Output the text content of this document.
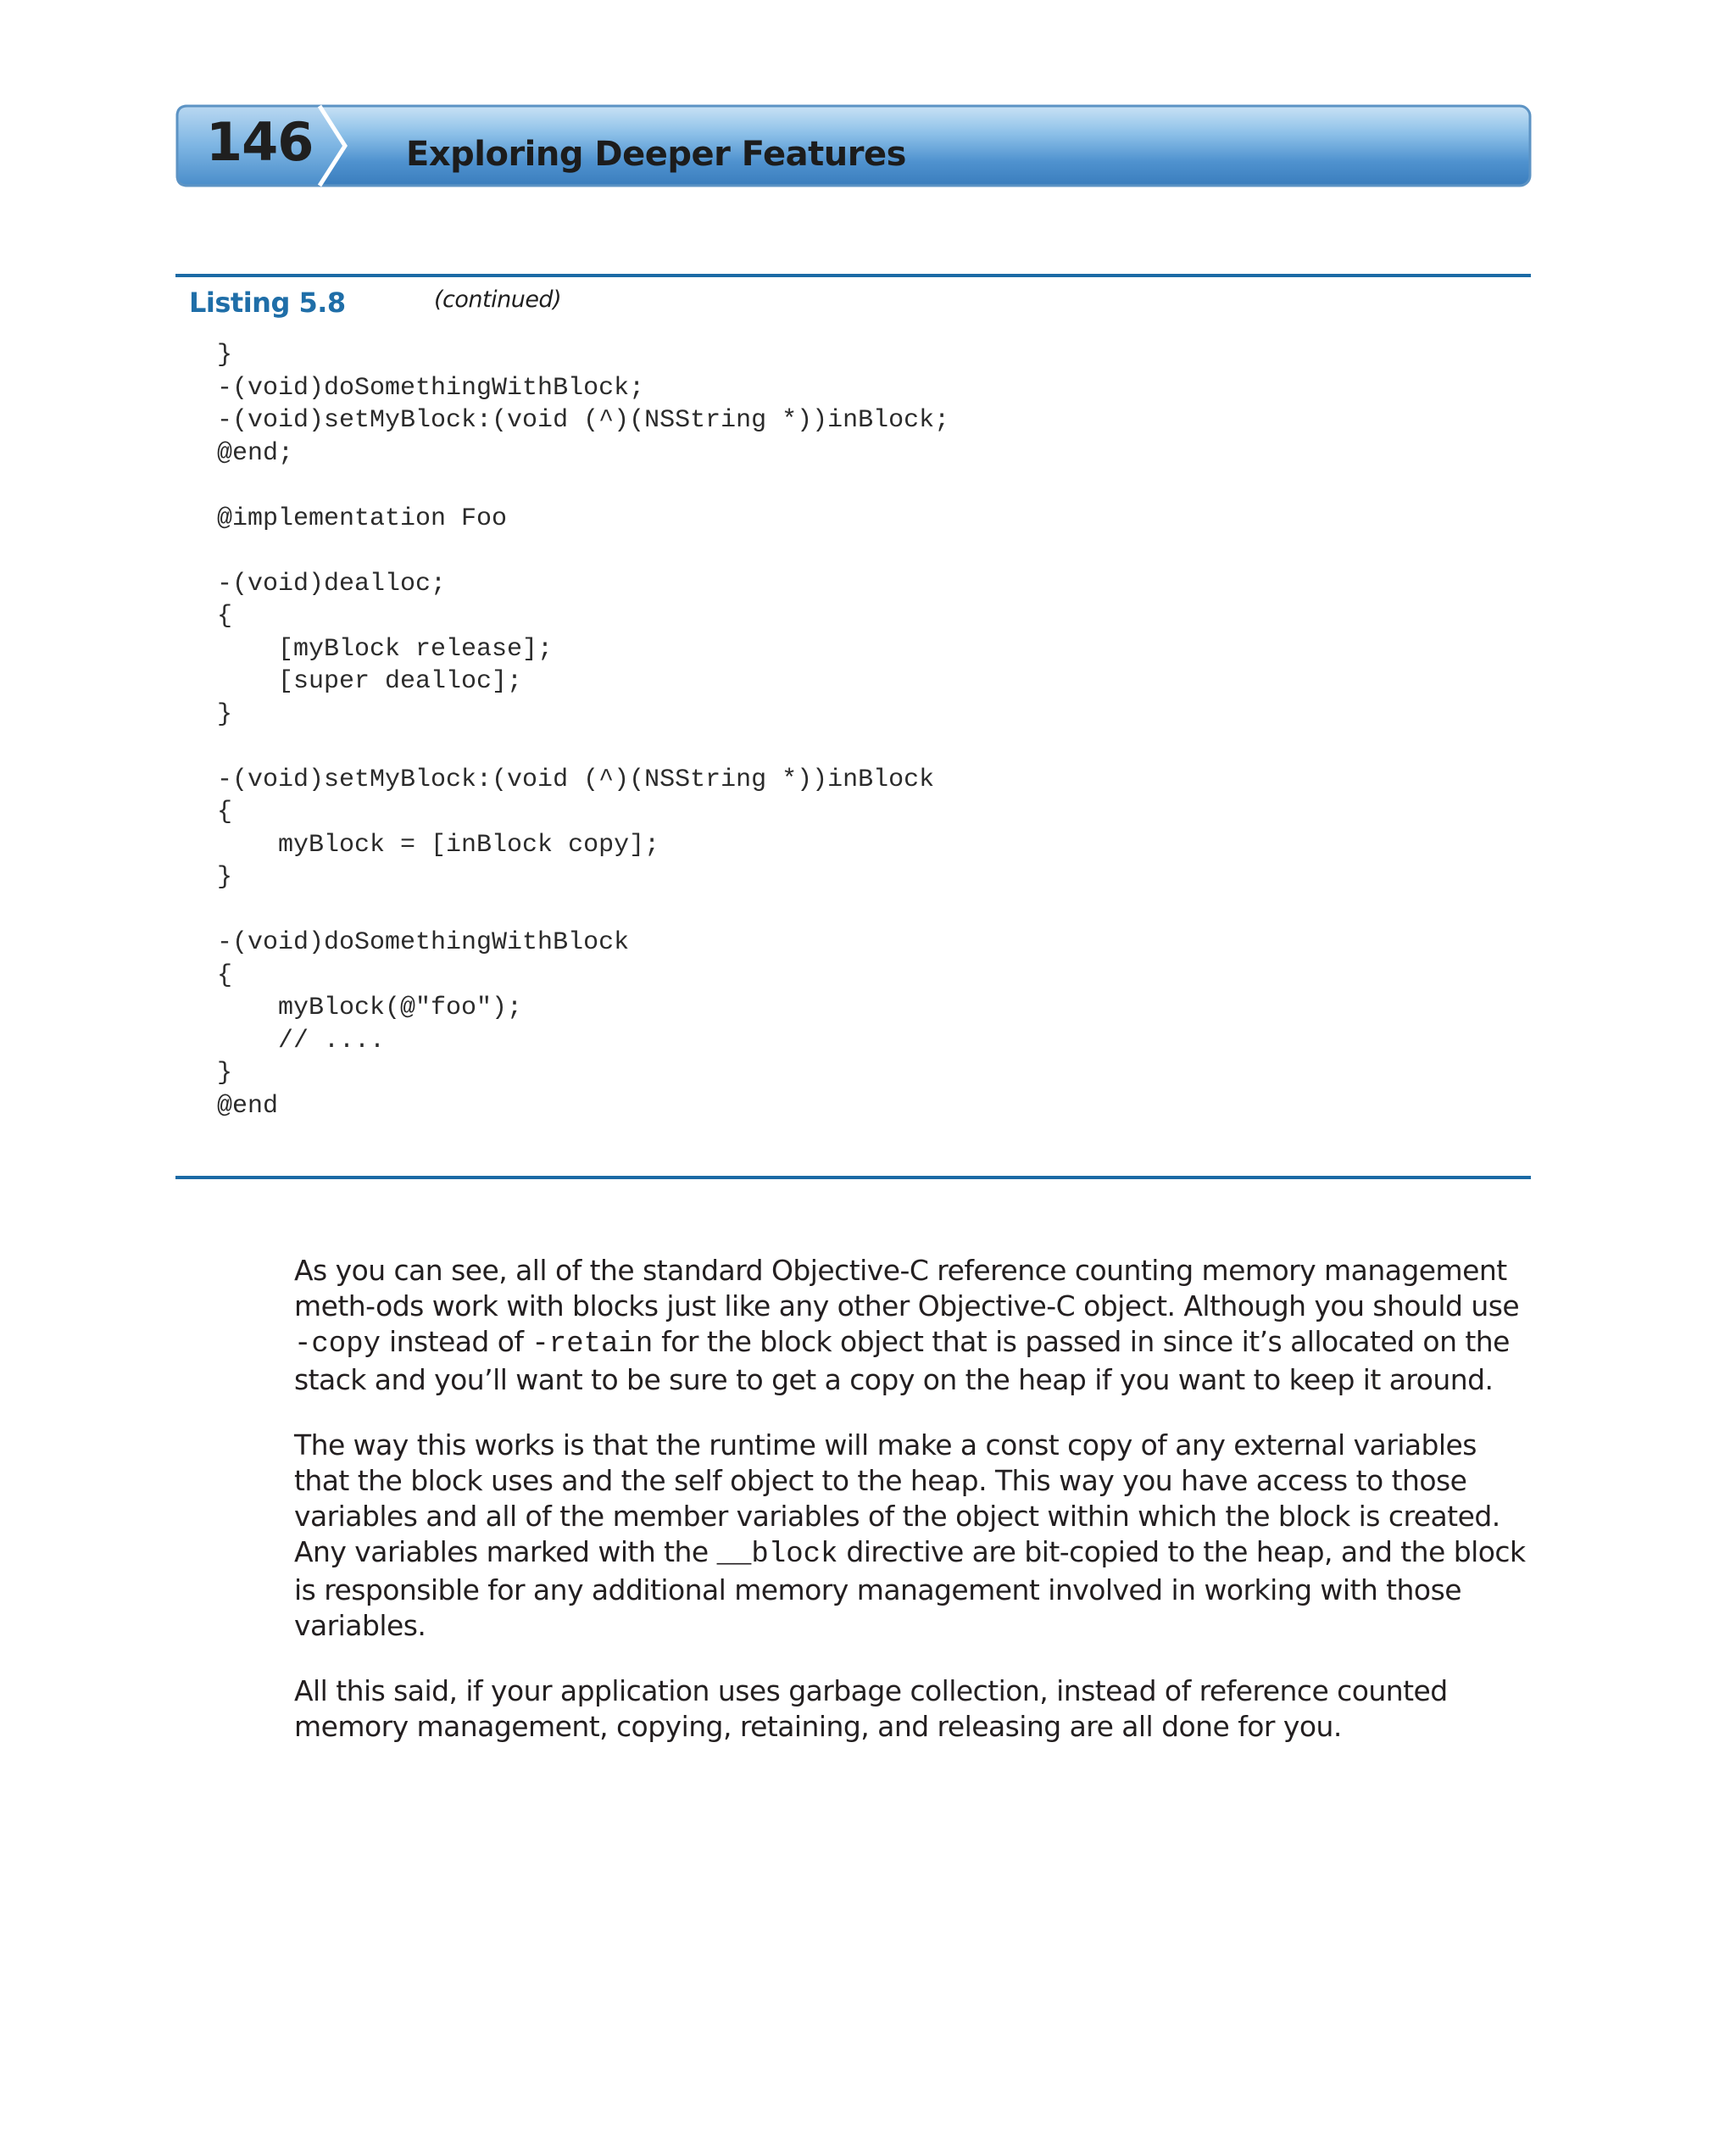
146	Exploring Deeper Features
Listing 5.8	(continued)
}
-(void)doSomethingWithBlock;
-(void)setMyBlock:(void (^)(NSString *))inBlock;
@end;
@implementation Foo
-(void)dealloc;
{
[myBlock release];
[super dealloc];
}
-(void)setMyBlock:(void (^)(NSString *))inBlock
{
myBlock = [inBlock copy];
}
-(void)doSomethingWithBlock
{
myBlock(@"foo");
// ....
}
@end

As you can see, all of the standard Objective-C reference counting memory management meth-ods work with blocks just like any other Objective-C object. Although you should use -copy instead of -retain for the block object that is passed in since it’s allocated on the stack and you’ll want to be sure to get a copy on the heap if you want to keep it around.

The way this works is that the runtime will make a const copy of any external variables that the block uses and the self object to the heap. This way you have access to those variables and all of the member variables of the object within which the block is created. Any variables marked with the __block directive are bit-copied to the heap, and the block is responsible for any additional memory management involved in working with those variables.

All this said, if your application uses garbage collection, instead of reference counted memory management, copying, retaining, and releasing are all done for you.
